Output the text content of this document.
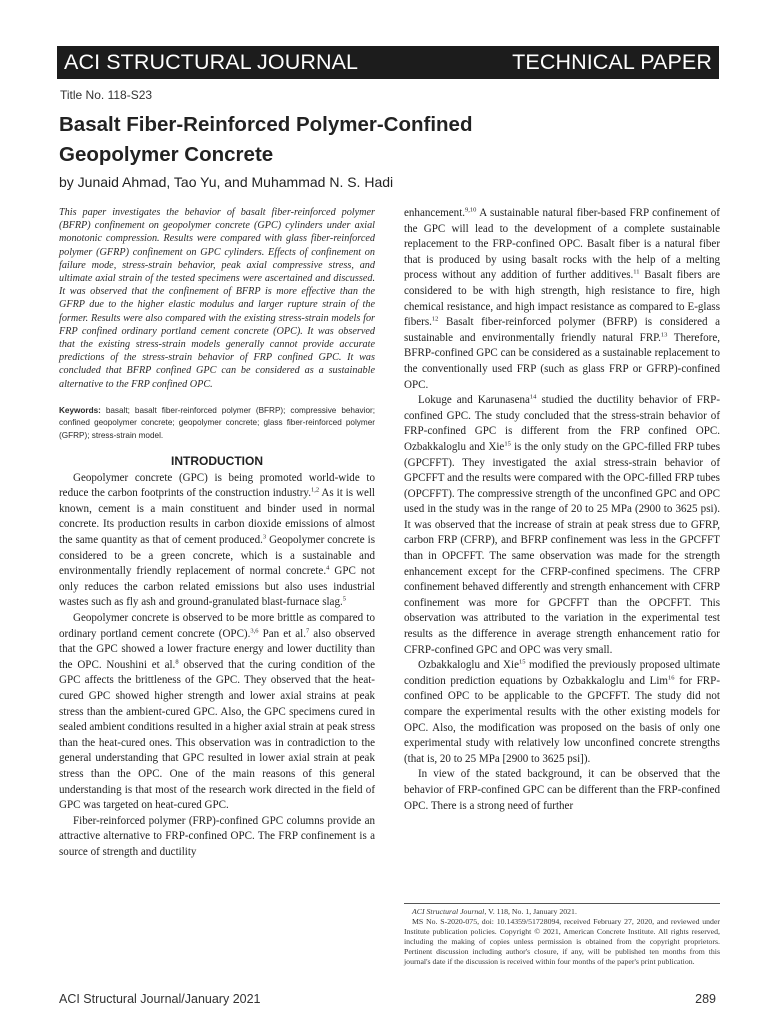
ACI STRUCTURAL JOURNAL	TECHNICAL PAPER
Title No. 118-S23
Basalt Fiber-Reinforced Polymer-Confined
Geopolymer Concrete
by Junaid Ahmad, Tao Yu, and Muhammad N. S. Hadi

This paper investigates the behavior of basalt fiber-reinforced polymer (BFRP) confinement on geopolymer concrete (GPC) cylinders under axial monotonic compression. Results were compared with glass fiber-reinforced polymer (GFRP) confinement on GPC cylinders. Effects of confinement on failure mode, stress-strain behavior, peak axial compressive stress, and ultimate axial strain of the tested specimens were ascertained and discussed. It was observed that the confinement of BFRP is more effective than the GFRP due to the higher elastic modulus and larger rupture strain of the former. Results were also compared with the existing stress-strain models for FRP confined ordinary portland cement concrete (OPC). It was observed that the existing stress-strain models generally cannot provide accurate predictions of the stress-strain behavior of FRP confined GPC. It was concluded that BFRP confined GPC can be considered as a sustainable alternative to the FRP confined OPC.

Keywords: basalt; basalt fiber-reinforced polymer (BFRP); compressive behavior; confined geopolymer concrete; geopolymer concrete; glass fiber-reinforced polymer (GFRP); stress-strain model.

INTRODUCTION

Geopolymer concrete (GPC) is being promoted world-wide to reduce the carbon footprints of the construction industry.$^{1,2}$ As it is well known, cement is a main constituent and binder used in normal concrete. Its production results in carbon dioxide emissions of almost the same quantity as that of cement produced.$^3$ Geopolymer concrete is considered to be a green concrete, which is a sustainable and environmentally friendly replacement of normal concrete.$^4$ GPC not only reduces the carbon related emissions but also uses industrial wastes such as fly ash and ground-granulated blast-furnace slag.$^5$

Geopolymer concrete is observed to be more brittle as compared to ordinary portland cement concrete (OPC).$^{3,6}$ Pan et al.$^7$ also observed that the GPC showed a lower fracture energy and lower ductility than the OPC. Noushini et al.$^8$ observed that the curing condition of the GPC affects the brittleness of the GPC. They observed that the heat-cured GPC showed higher strength and lower axial strains at peak stress than the ambient-cured GPC. Also, the GPC specimens cured in sealed ambient conditions resulted in a higher axial strain at peak stress than the heat-cured ones. This observation was in contradiction to the general understanding that GPC resulted in lower axial strain at peak stress than the OPC. One of the main reasons of this general understanding is that most of the research work directed in the field of GPC was targeted on heat-cured GPC.

Fiber-reinforced polymer (FRP)-confined GPC columns provide an attractive alternative to FRP-confined OPC. The FRP confinement is a source of strength and ductility

enhancement.$^{9,10}$ A sustainable natural fiber-based FRP confinement of the GPC will lead to the development of a complete sustainable replacement to the FRP-confined OPC. Basalt fiber is a natural fiber that is produced by using basalt rocks with the help of a melting process without any addition of further additives.$^{11}$ Basalt fibers are considered to be with high strength, high resistance to fire, high chemical resistance, and high impact resistance as compared to E-glass fibers.$^{12}$ Basalt fiber-reinforced polymer (BFRP) is considered a sustainable and environmentally friendly natural FRP.$^{13}$ Therefore, BFRP-confined GPC can be considered as a sustainable replacement to the conventionally used FRP (such as glass FRP or GFRP)-confined OPC.

Lokuge and Karunasena$^{14}$ studied the ductility behavior of FRP-confined GPC. The study concluded that the stress-strain behavior of FRP-confined GPC is different from the FRP confined OPC. Ozbakkaloglu and Xie$^{15}$ is the only study on the GPC-filled FRP tubes (GPCFFT). They investigated the axial stress-strain behavior of GPCFFT and the results were compared with the OPC-filled FRP tubes (OPCFFT). The compressive strength of the unconfined GPC and OPC used in the study was in the range of 20 to 25 MPa (2900 to 3625 psi). It was observed that the increase of strain at peak stress due to GFRP, carbon FRP (CFRP), and BFRP confinement was less in the GPCFFT than in OPCFFT. The same observation was made for the strength enhancement except for the CFRP-confined specimens. The CFRP confinement behaved differently and strength enhancement with CFRP confinement was more for GPCFFT than the OPCFFT. This observation was attributed to the variation in the experimental test results as the difference in average strength enhancement ratio for CFRP-confined GPC and OPC was very small.

Ozbakkaloglu and Xie$^{15}$ modified the previously proposed ultimate condition prediction equations by Ozbakkaloglu and Lim$^{16}$ for FRP-confined OPC to be applicable to the GPCFFT. The study did not compare the experimental results with the other existing models for OPC. Also, the modification was proposed on the basis of only one experimental study with relatively low unconfined concrete strengths (that is, 20 to 25 MPa [2900 to 3625 psi]).

In view of the stated background, it can be observed that the behavior of FRP-confined GPC can be different than the FRP-confined OPC. There is a strong need of further

ACI Structural Journal, V. 118, No. 1, January 2021.

MS No. S-2020-075, doi: 10.14359/51728094, received February 27, 2020, and reviewed under Institute publication policies. Copyright © 2021, American Concrete Institute. All rights reserved, including the making of copies unless permission is obtained from the copyright proprietors. Pertinent discussion including author's closure, if any, will be published ten months from this journal's date if the discussion is received within four months of the paper's print publication.

ACI Structural Journal/January 2021	289
